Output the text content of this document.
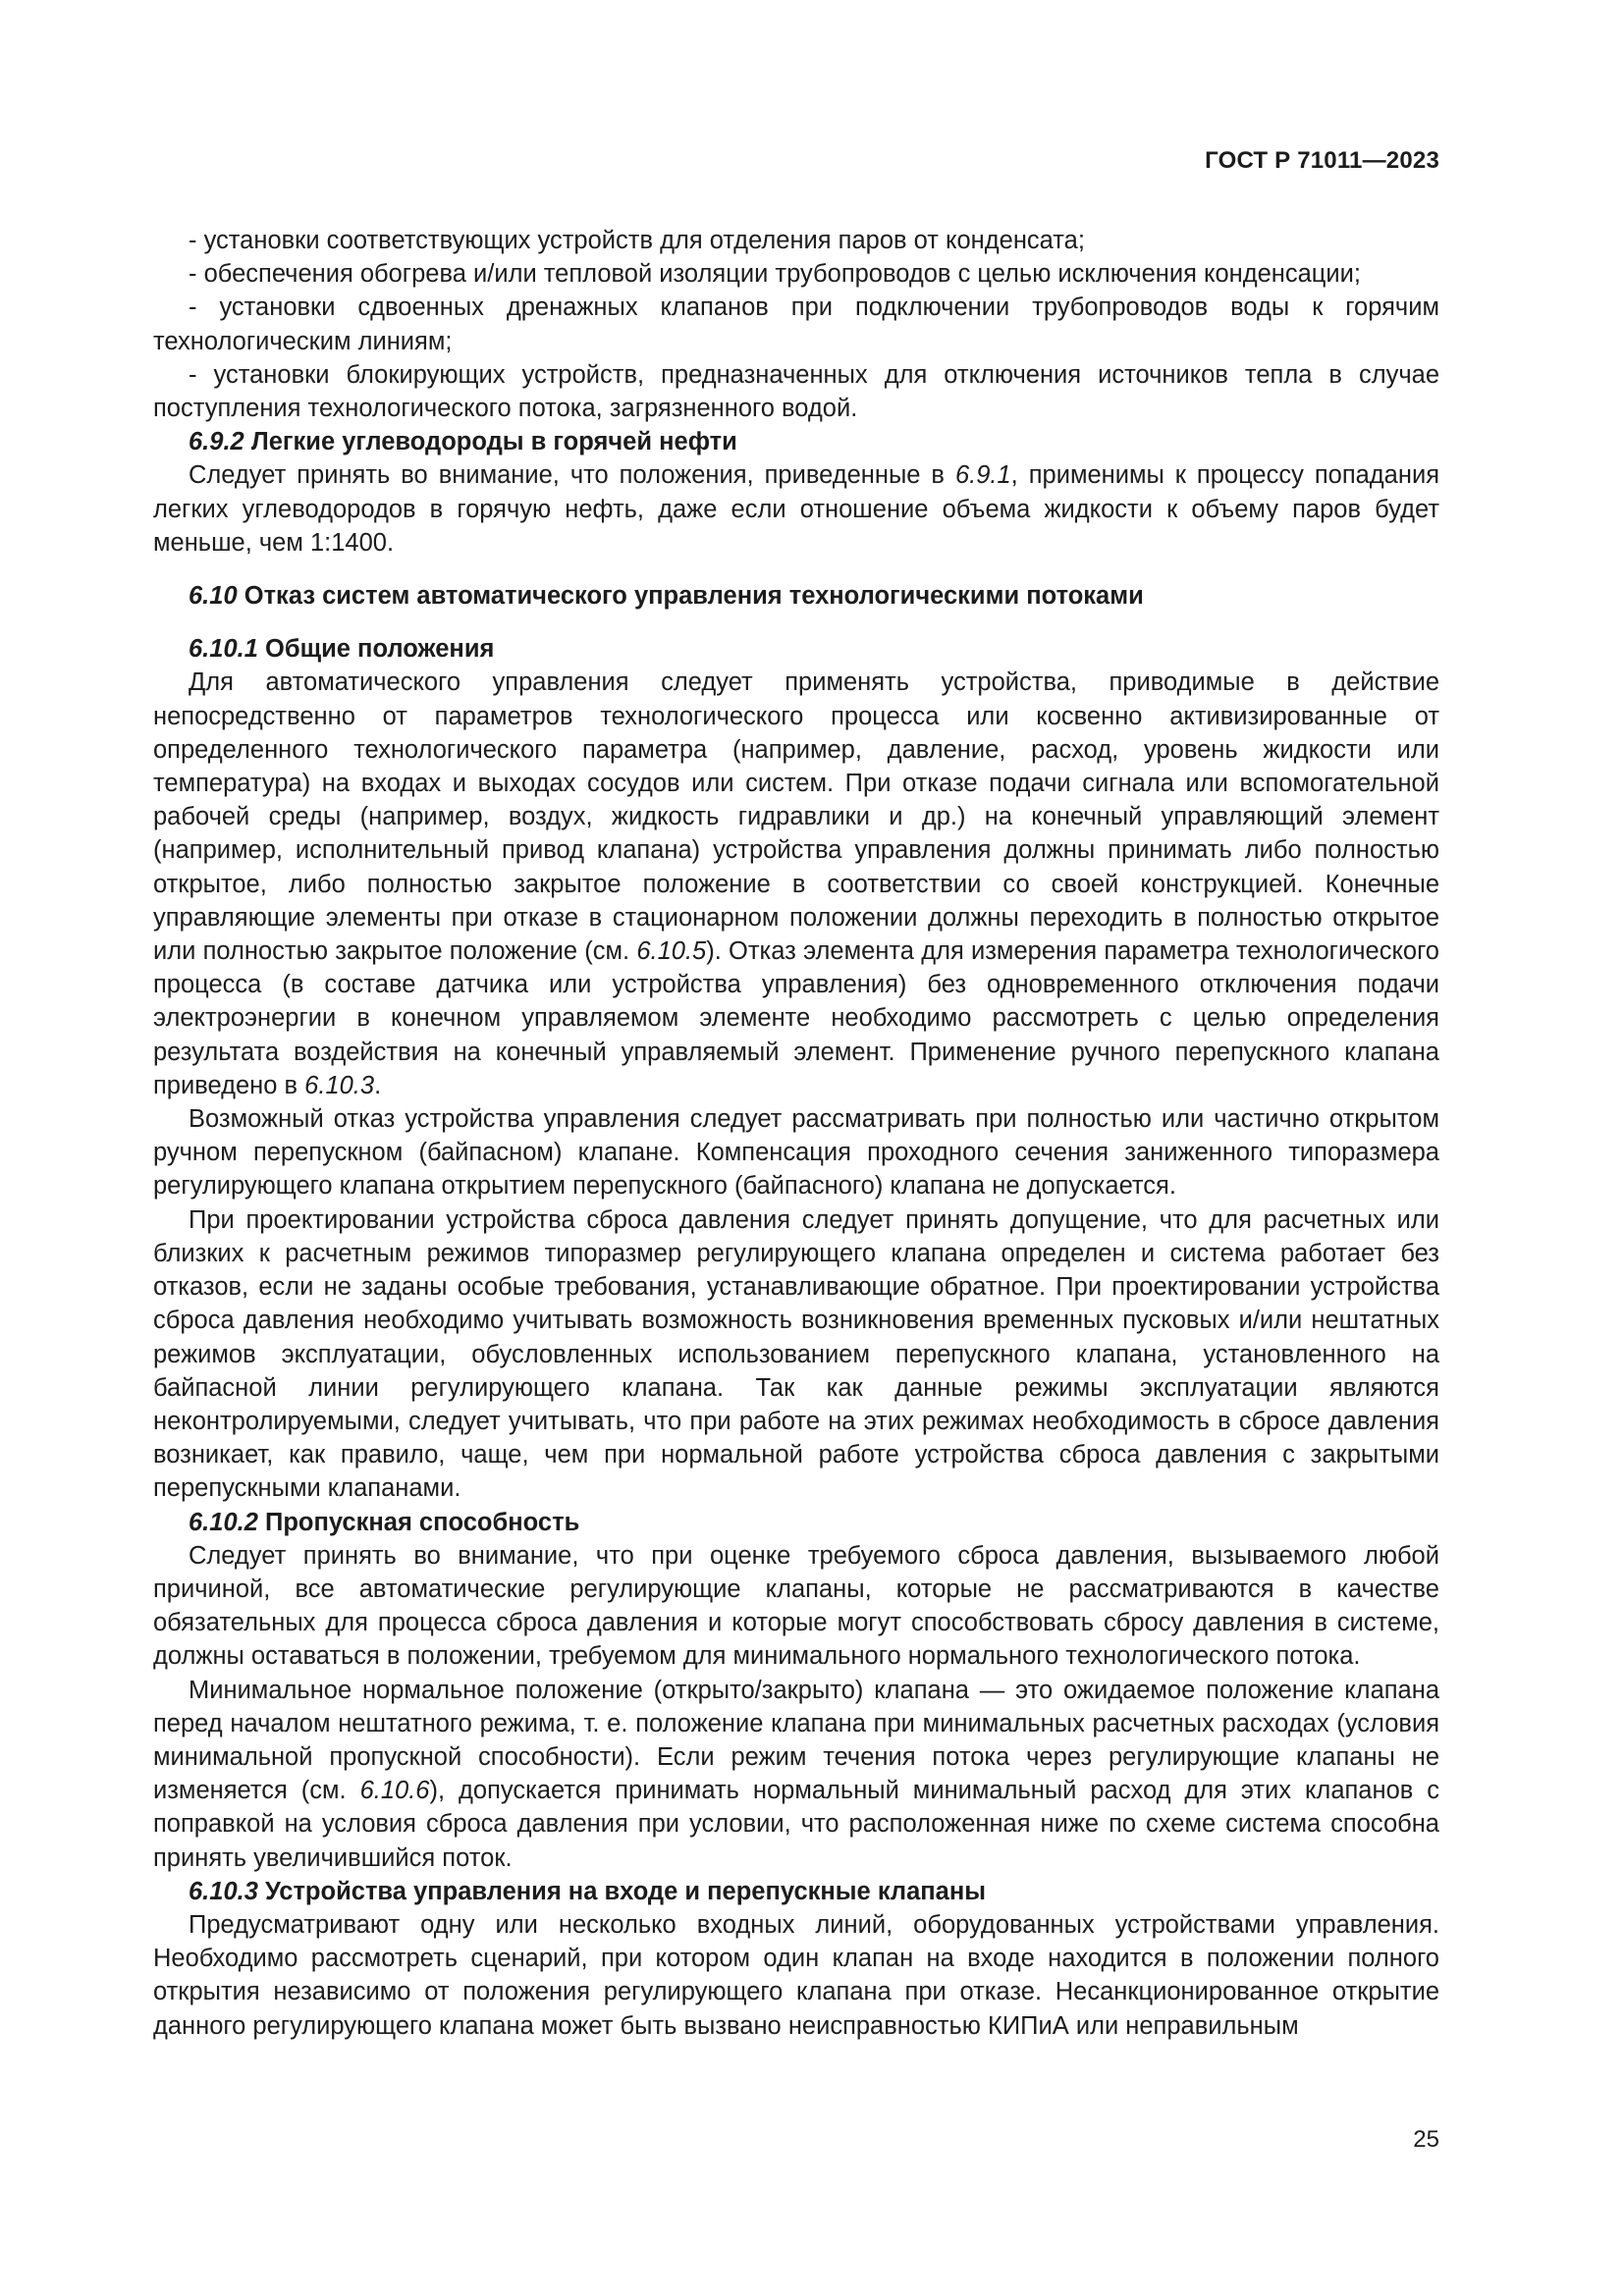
ГОСТ Р 71011—2023

- установки соответствующих устройств для отделения паров от конденсата;

- обеспечения обогрева и/или тепловой изоляции трубопроводов с целью исключения конденсации;

- установки сдвоенных дренажных клапанов при подключении трубопроводов воды к горячим технологическим линиям;

- установки блокирующих устройств, предназначенных для отключения источников тепла в случае поступления технологического потока, загрязненного водой.

6.9.2 Легкие углеводороды в горячей нефти

Следует принять во внимание, что положения, приведенные в 6.9.1, применимы к процессу попадания легких углеводородов в горячую нефть, даже если отношение объема жидкости к объему паров будет меньше, чем 1:1400.

6.10 Отказ систем автоматического управления технологическими потоками

6.10.1 Общие положения

Для автоматического управления следует применять устройства, приводимые в действие непосредственно от параметров технологического процесса или косвенно активизированные от определенного технологического параметра (например, давление, расход, уровень жидкости или температура) на входах и выходах сосудов или систем. При отказе подачи сигнала или вспомогательной рабочей среды (например, воздух, жидкость гидравлики и др.) на конечный управляющий элемент (например, исполнительный привод клапана) устройства управления должны принимать либо полностью открытое, либо полностью закрытое положение в соответствии со своей конструкцией. Конечные управляющие элементы при отказе в стационарном положении должны переходить в полностью открытое или полностью закрытое положение (см. 6.10.5). Отказ элемента для измерения параметра технологического процесса (в составе датчика или устройства управления) без одновременного отключения подачи электроэнергии в конечном управляемом элементе необходимо рассмотреть с целью определения результата воздействия на конечный управляемый элемент. Применение ручного перепускного клапана приведено в 6.10.3.

Возможный отказ устройства управления следует рассматривать при полностью или частично открытом ручном перепускном (байпасном) клапане. Компенсация проходного сечения заниженного типоразмера регулирующего клапана открытием перепускного (байпасного) клапана не допускается.

При проектировании устройства сброса давления следует принять допущение, что для расчетных или близких к расчетным режимов типоразмер регулирующего клапана определен и система работает без отказов, если не заданы особые требования, устанавливающие обратное. При проектировании устройства сброса давления необходимо учитывать возможность возникновения временных пусковых и/или нештатных режимов эксплуатации, обусловленных использованием перепускного клапана, установленного на байпасной линии регулирующего клапана. Так как данные режимы эксплуатации являются неконтролируемыми, следует учитывать, что при работе на этих режимах необходимость в сбросе давления возникает, как правило, чаще, чем при нормальной работе устройства сброса давления с закрытыми перепускными клапанами.

6.10.2 Пропускная способность

Следует принять во внимание, что при оценке требуемого сброса давления, вызываемого любой причиной, все автоматические регулирующие клапаны, которые не рассматриваются в качестве обязательных для процесса сброса давления и которые могут способствовать сбросу давления в системе, должны оставаться в положении, требуемом для минимального нормального технологического потока.

Минимальное нормальное положение (открыто/закрыто) клапана — это ожидаемое положение клапана перед началом нештатного режима, т. е. положение клапана при минимальных расчетных расходах (условия минимальной пропускной способности). Если режим течения потока через регулирующие клапаны не изменяется (см. 6.10.6), допускается принимать нормальный минимальный расход для этих клапанов с поправкой на условия сброса давления при условии, что расположенная ниже по схеме система способна принять увеличившийся поток.

6.10.3 Устройства управления на входе и перепускные клапаны

Предусматривают одну или несколько входных линий, оборудованных устройствами управления. Необходимо рассмотреть сценарий, при котором один клапан на входе находится в положении полного открытия независимо от положения регулирующего клапана при отказе. Несанкционированное открытие данного регулирующего клапана может быть вызвано неисправностью КИПиА или неправильным

25
